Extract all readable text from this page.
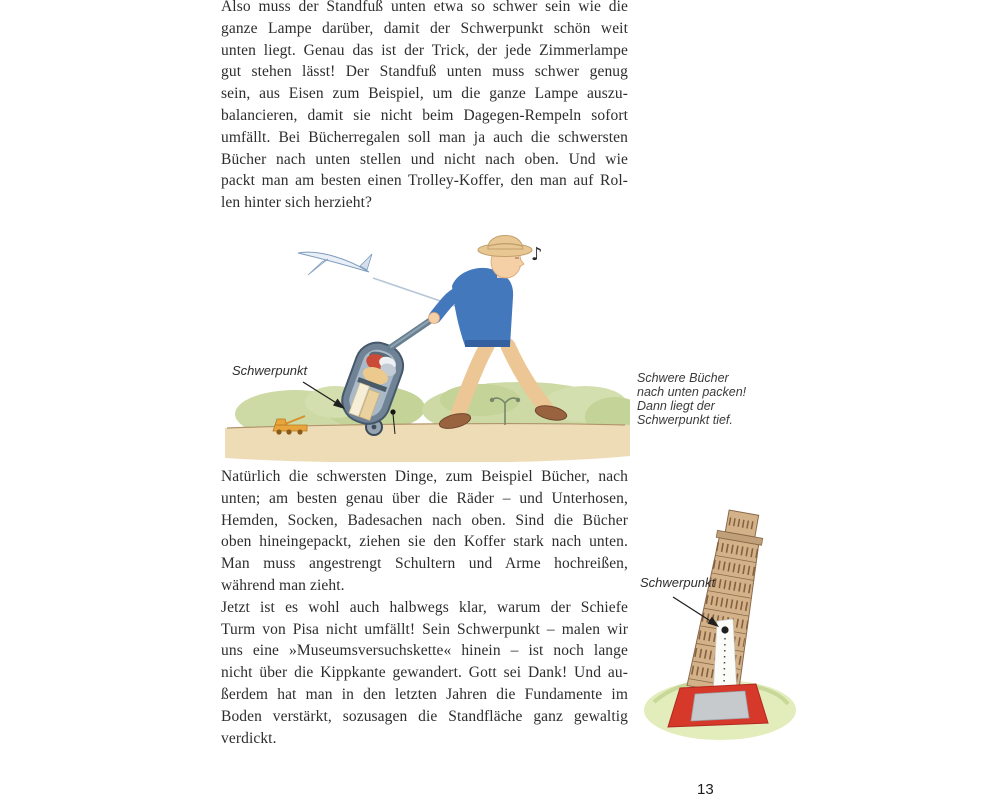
Also muss der Standfuß unten etwa so schwer sein wie die
ganze Lampe darüber, damit der Schwerpunkt schön weit
unten liegt. Genau das ist der Trick, der jede Zimmerlampe
gut stehen lässt! Der Standfuß unten muss schwer genug
sein, aus Eisen zum Beispiel, um die ganze Lampe auszu-
balancieren, damit sie nicht beim Dagegen-Rempeln sofort
umfällt. Bei Bücherregalen soll man ja auch die schwersten
Bücher nach unten stellen und nicht nach oben. Und wie
packt man am besten einen Trolley-Koffer, den man auf Rol-
len hinter sich herzieht?
♪
Schwerpunkt	Schwere Bücher
nach unten packen!
Dann liegt der
Schwerpunkt tief.
Natürlich die schwersten Dinge, zum Beispiel Bücher, nach
unten; am besten genau über die Räder – und Unterhosen,
Hemden, Socken, Badesachen nach oben. Sind die Bücher
oben hineingepackt, ziehen sie den Koffer stark nach unten.
Man muss angestrengt Schultern und Arme hochreißen,
während man zieht.
Jetzt ist es wohl auch halbwegs klar, warum der Schiefe
Turm von Pisa nicht umfällt! Sein Schwerpunkt – malen wir
uns eine »Museumsversuchskette« hinein – ist noch lange
nicht über die Kippkante gewandert. Gott sei Dank! Und au-
ßerdem hat man in den letzten Jahren die Fundamente im
Boden verstärkt, sozusagen die Standfläche ganz gewaltig
verdickt.
Schwerpunkt
13
